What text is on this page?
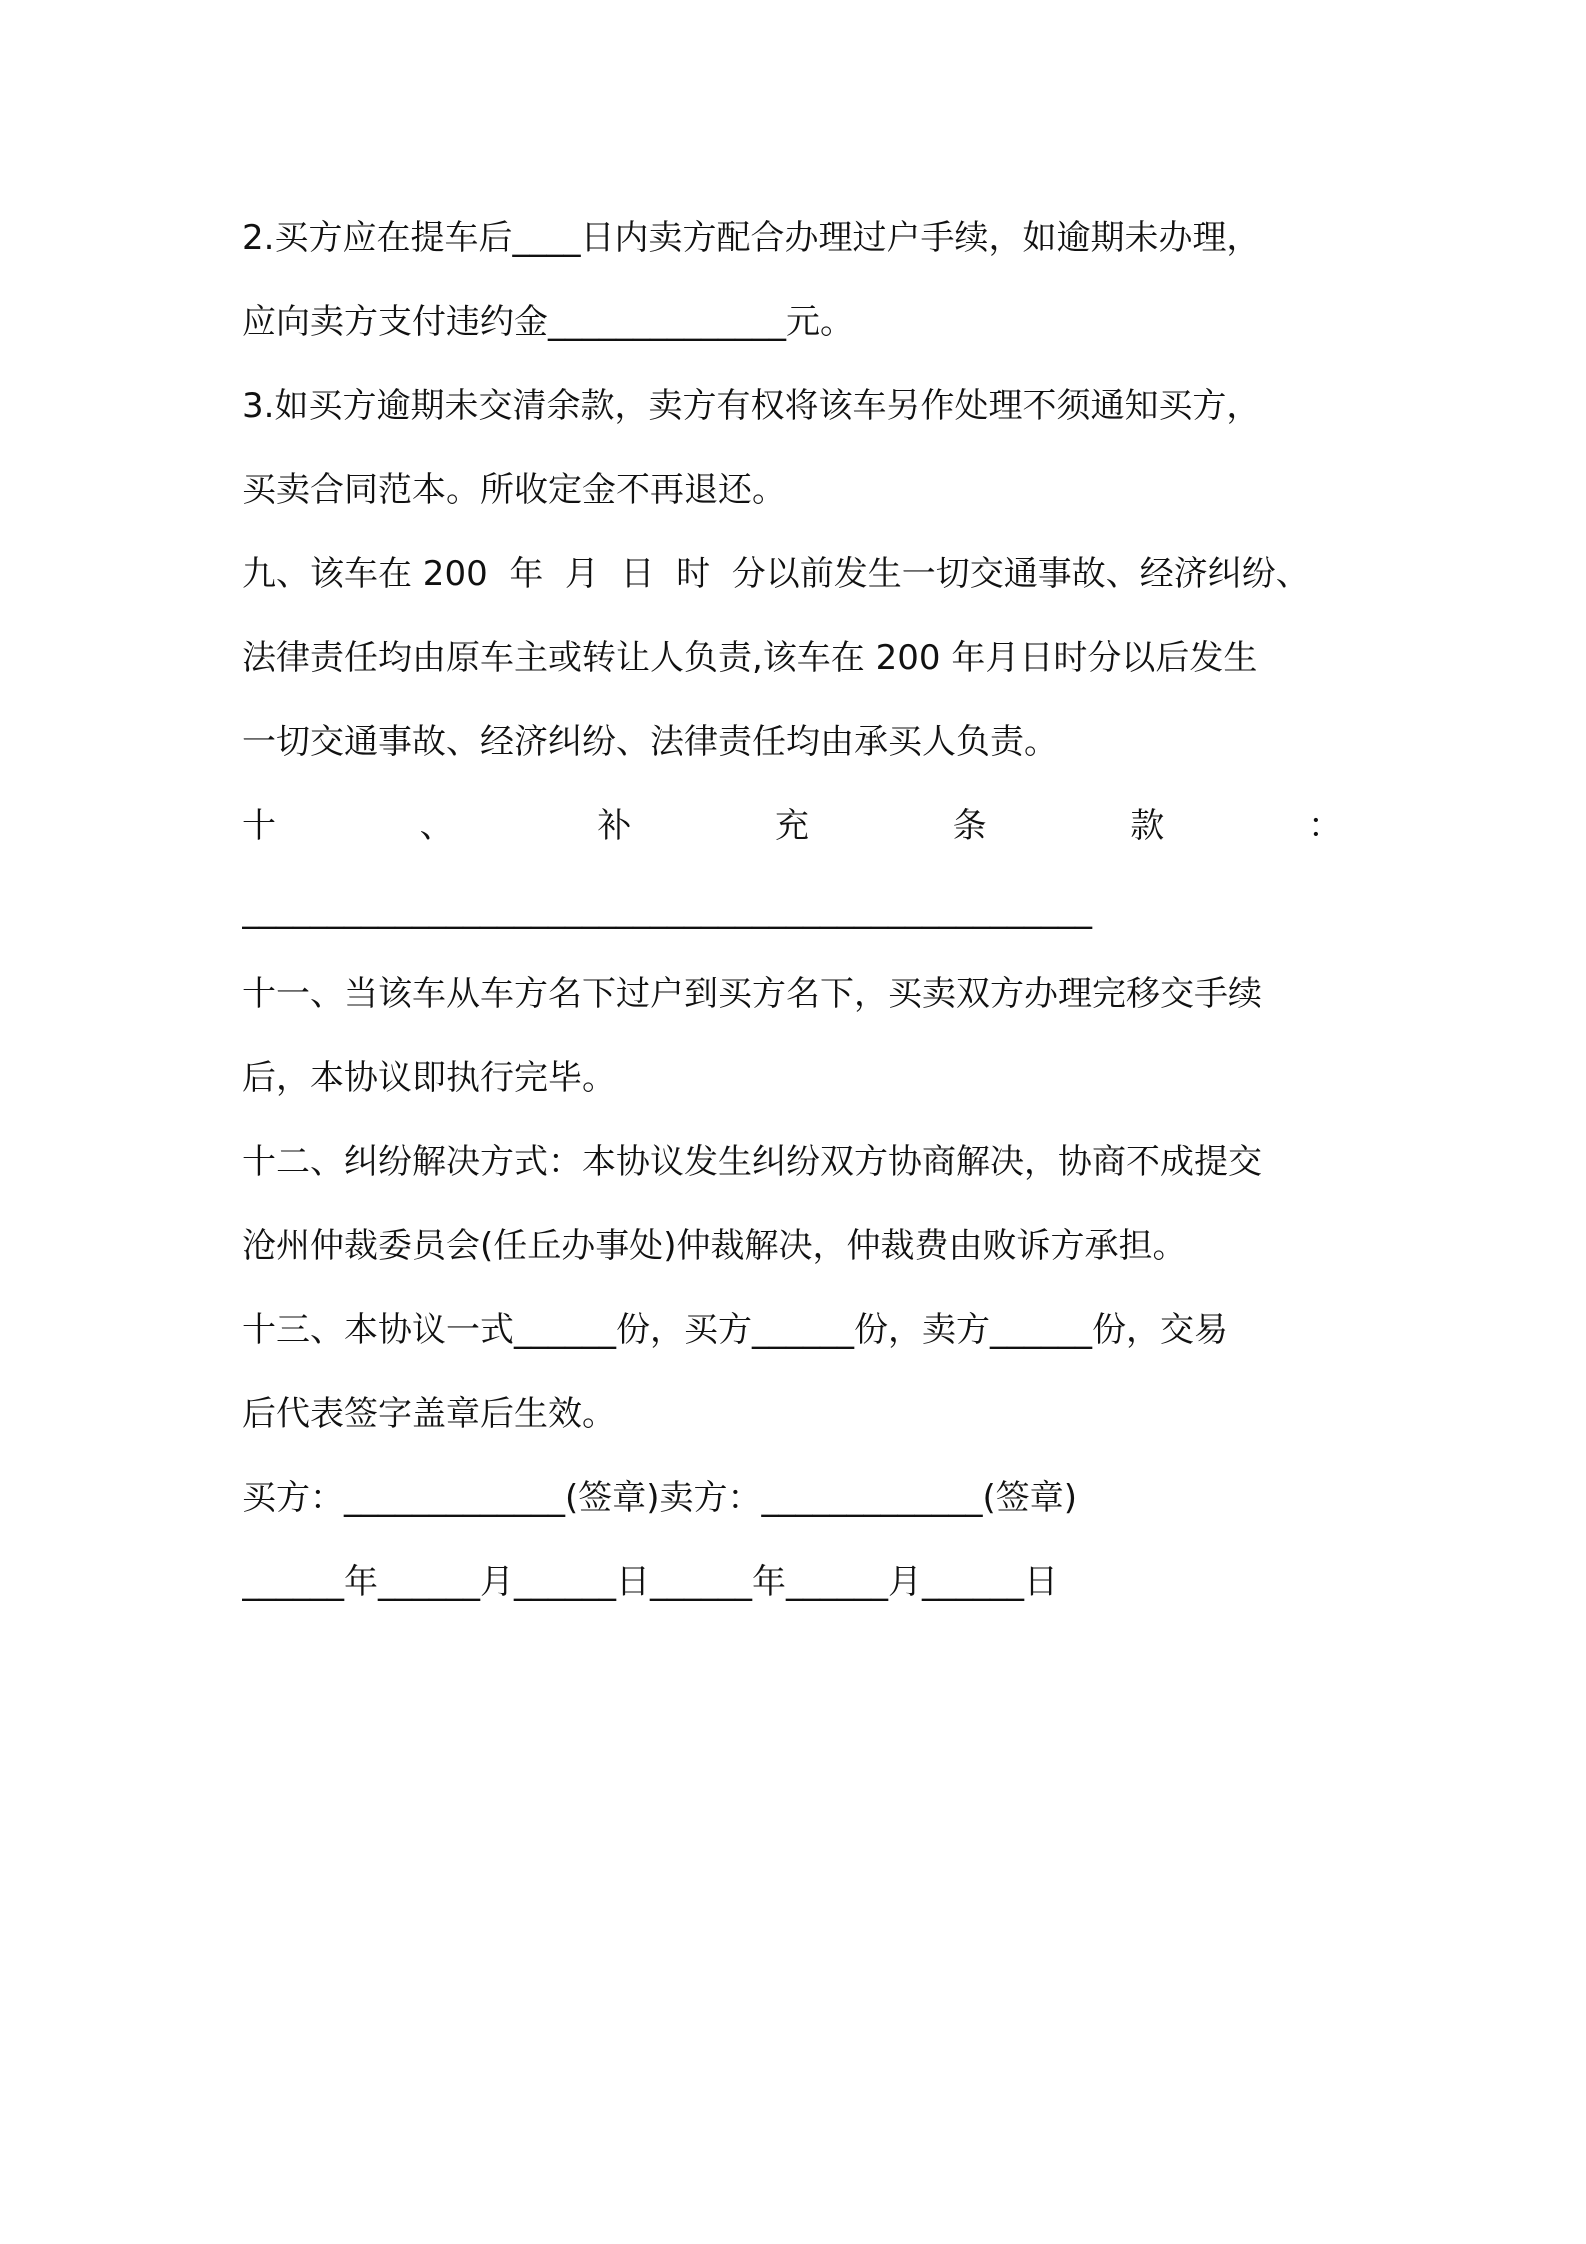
2.买方应在提车后____日内卖方配合办理过户手续，如逾期未办理，
应向卖方支付违约金______________元。
3.如买方逾期未交清余款，卖方有权将该车另作处理不须通知买方，
买卖合同范本。所收定金不再退还。
九、该车在 200  年  月  日  时  分以前发生一切交通事故、经济纠纷、
法律责任均由原车主或转让人负责,该车在 200 年月日时分以后发生
一切交通事故、经济纠纷、法律责任均由承买人负责。
十	、	补	充	条	款	：
__________________________________________________
十一、当该车从车方名下过户到买方名下，买卖双方办理完移交手续
后，本协议即执行完毕。
十二、纠纷解决方式：本协议发生纠纷双方协商解决，协商不成提交
沧州仲裁委员会(任丘办事处)仲裁解决，仲裁费由败诉方承担。
十三、本协议一式______份，买方______份，卖方______份，交易
后代表签字盖章后生效。
买方：_____________(签章)卖方：_____________(签章)
______年______月______日______年______月______日
